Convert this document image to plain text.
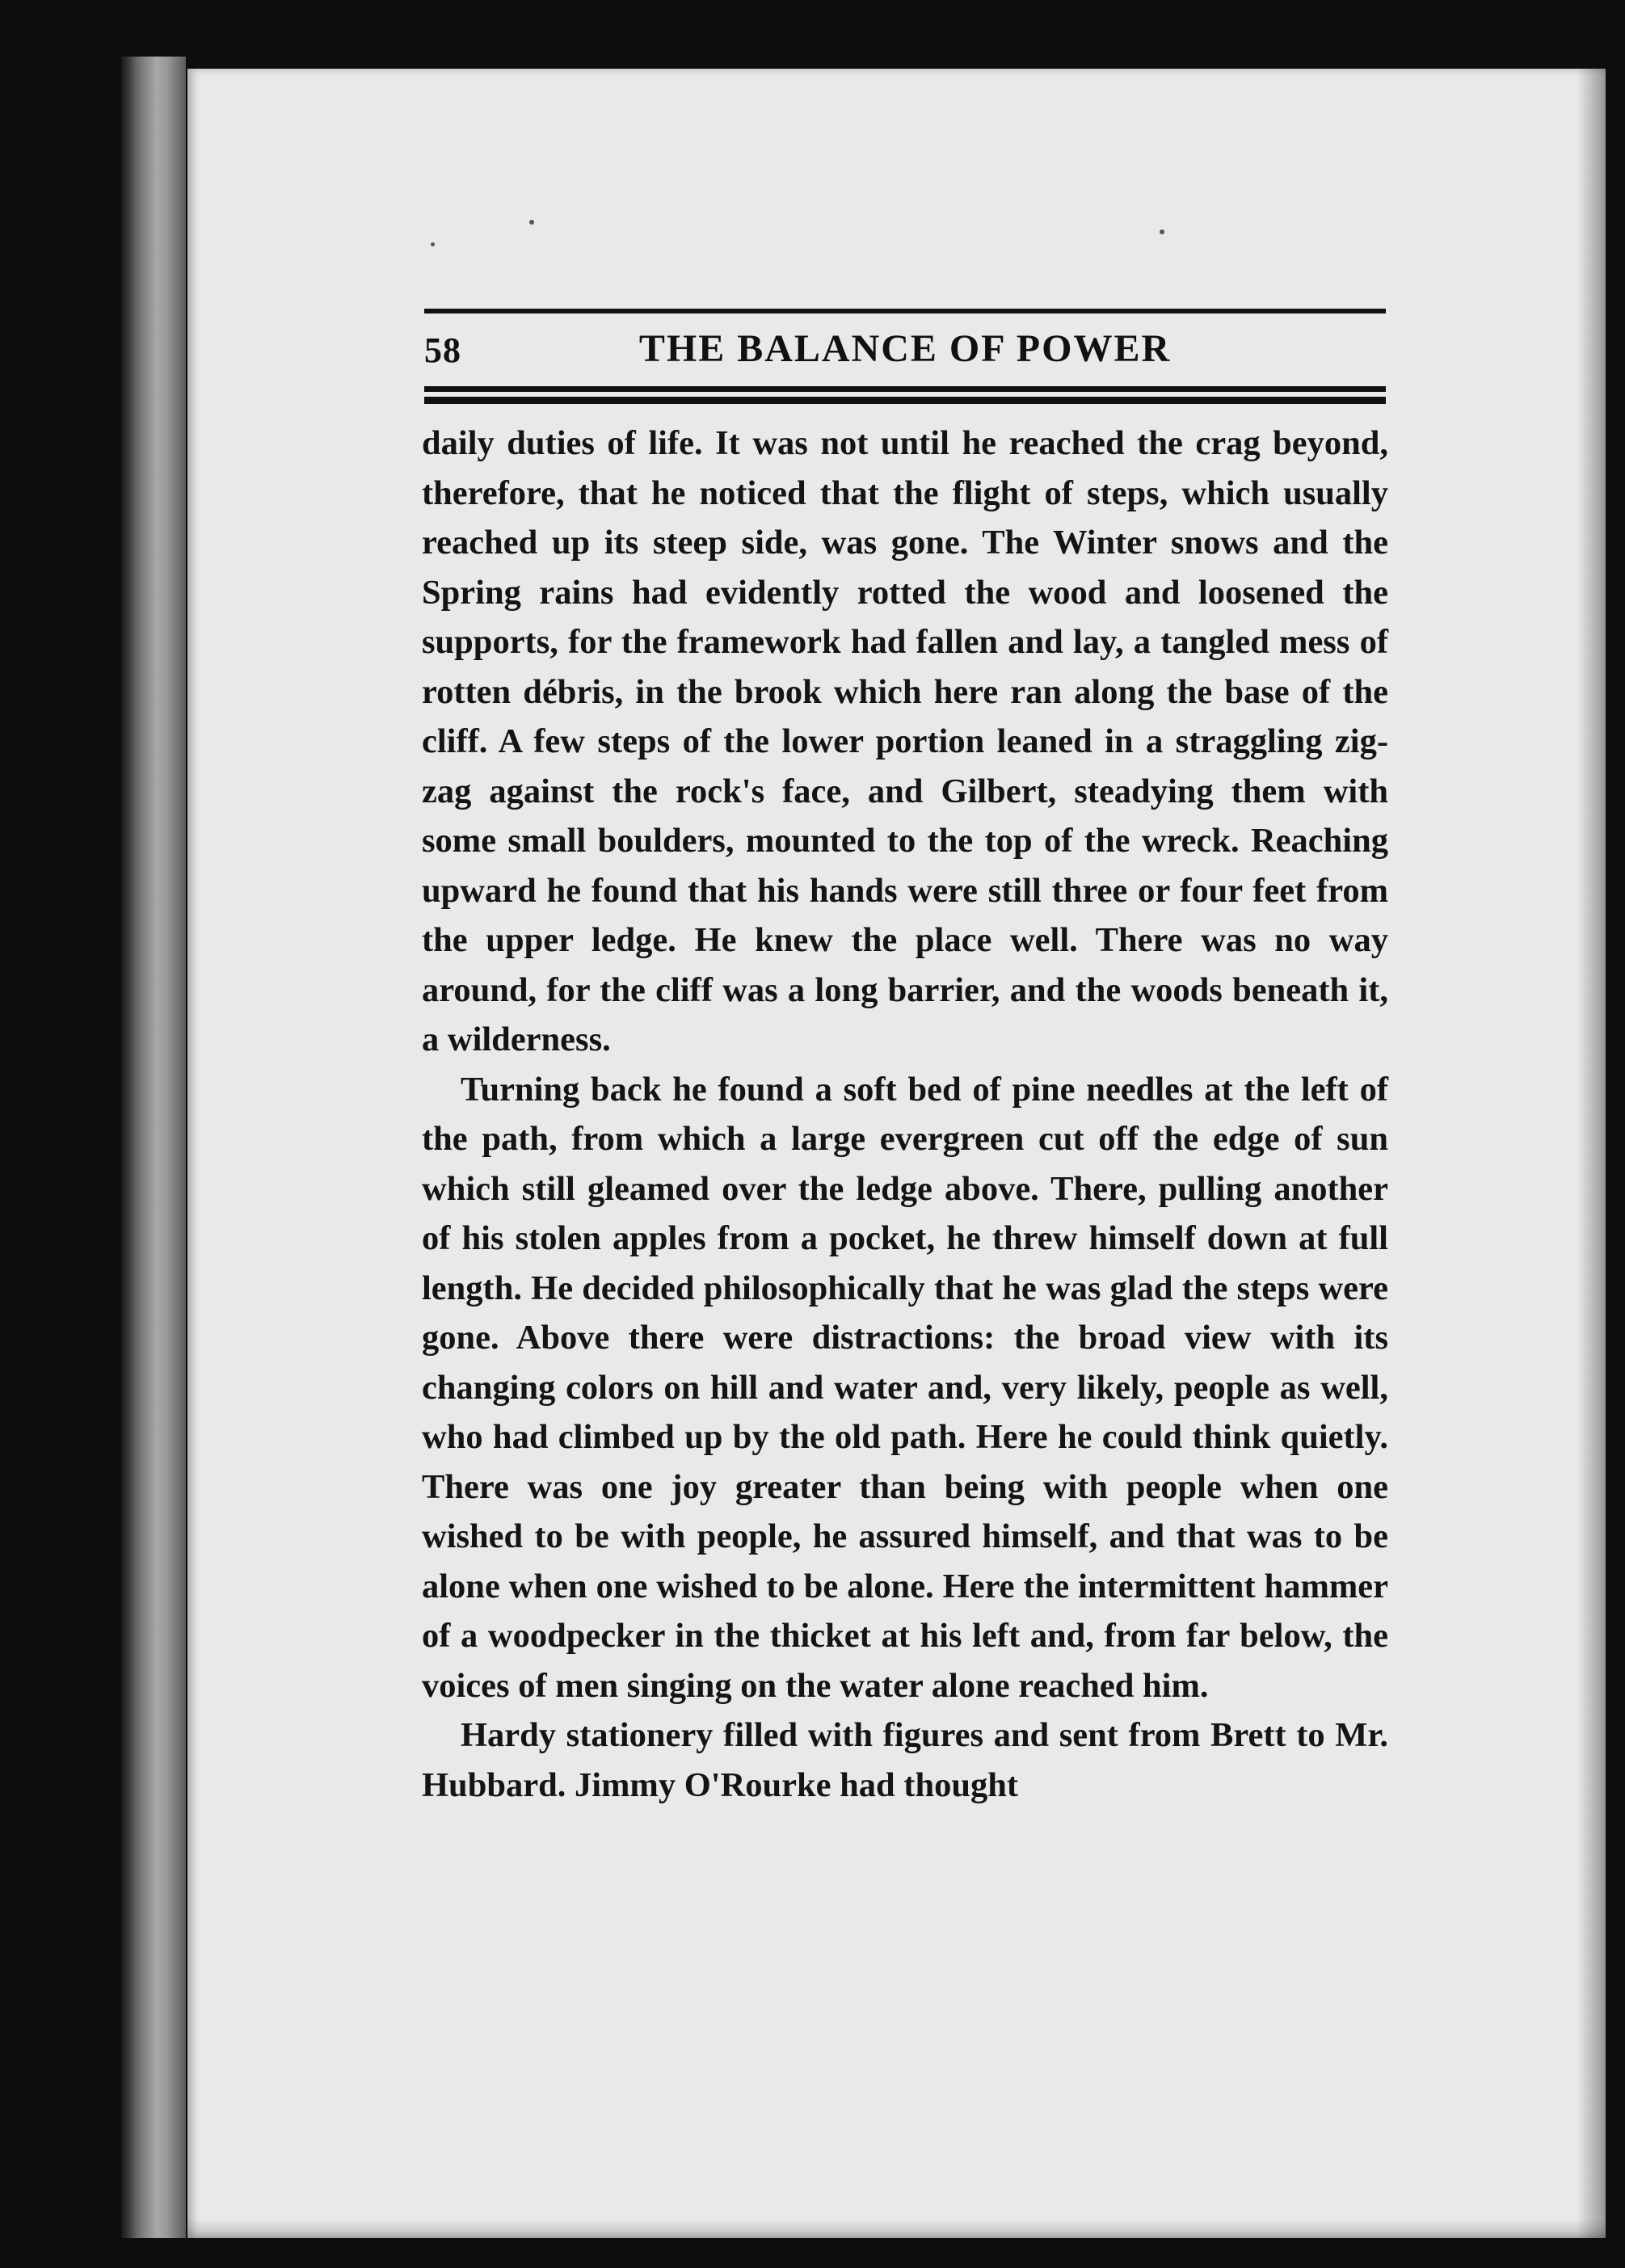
58	THE BALANCE OF POWER

daily duties of life. It was not until he reached the crag beyond, therefore, that he noticed that the flight of steps, which usually reached up its steep side, was gone. The Winter snows and the Spring rains had evidently rotted the wood and loosened the supports, for the framework had fallen and lay, a tangled mess of rotten débris, in the brook which here ran along the base of the cliff. A few steps of the lower portion leaned in a straggling zig-zag against the rock's face, and Gilbert, steadying them with some small boulders, mounted to the top of the wreck. Reaching upward he found that his hands were still three or four feet from the upper ledge. He knew the place well. There was no way around, for the cliff was a long barrier, and the woods beneath it, a wilderness.

Turning back he found a soft bed of pine needles at the left of the path, from which a large evergreen cut off the edge of sun which still gleamed over the ledge above. There, pulling another of his stolen apples from a pocket, he threw himself down at full length. He decided philosophically that he was glad the steps were gone. Above there were distractions: the broad view with its changing colors on hill and water and, very likely, people as well, who had climbed up by the old path. Here he could think quietly. There was one joy greater than being with people when one wished to be with people, he assured himself, and that was to be alone when one wished to be alone. Here the intermittent hammer of a woodpecker in the thicket at his left and, from far below, the voices of men singing on the water alone reached him.

Hardy stationery filled with figures and sent from Brett to Mr. Hubbard. Jimmy O'Rourke had thought
